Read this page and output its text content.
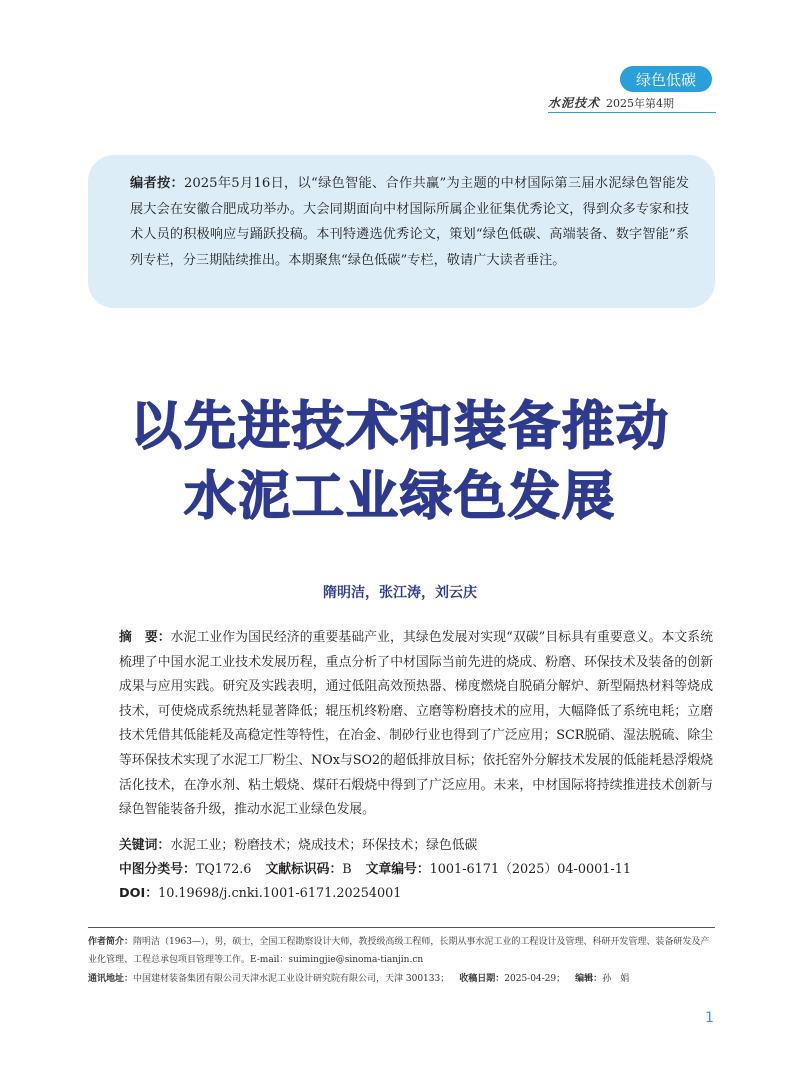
绿色低碳
水泥技术 2025年第4期
编者按：2025年5月16日，以“绿色智能、合作共赢”为主题的中材国际第三届水泥绿色智能发展大会在安徽合肥成功举办。大会同期面向中材国际所属企业征集优秀论文，得到众多专家和技术人员的积极响应与踊跃投稿。本刊特遴选优秀论文，策划“绿色低碳、高端装备、数字智能”系列专栏，分三期陆续推出。本期聚焦“绿色低碳”专栏，敬请广大读者垂注。
以先进技术和装备推动
水泥工业绿色发展
隋明洁，张江涛，刘云庆
摘　要：水泥工业作为国民经济的重要基础产业，其绿色发展对实现“双碳”目标具有重要意义。本文系统梳理了中国水泥工业技术发展历程，重点分析了中材国际当前先进的烧成、粉磨、环保技术及装备的创新成果与应用实践。研究及实践表明，通过低阻高效预热器、梯度燃烧自脱硝分解炉、新型隔热材料等烧成技术，可使烧成系统热耗显著降低；辊压机终粉磨、立磨等粉磨技术的应用，大幅降低了系统电耗；立磨技术凭借其低能耗及高稳定性等特性，在冶金、制砂行业也得到了广泛应用；SCR脱硝、湿法脱硫、除尘等环保技术实现了水泥工厂粉尘、NOx与SO2的超低排放目标；依托窑外分解技术发展的低能耗悬浮煅烧活化技术，在净水剂、粘土煅烧、煤矸石煅烧中得到了广泛应用。未来，中材国际将持续推进技术创新与绿色智能装备升级，推动水泥工业绿色发展。
关键词：水泥工业；粉磨技术；烧成技术；环保技术；绿色低碳
中图分类号：TQ172.6 文献标识码：B 文章编号：1001-6171（2025）04-0001-11
DOI：10.19698/j.cnki.1001-6171.20254001
作者简介：隋明洁（1963—），男，硕士，全国工程勘察设计大师，教授级高级工程师，长期从事水泥工业的工程设计及管理、科研开发管理、装备研发及产业化管理、工程总承包项目管理等工作。E-mail：suimingjie@sinoma-tianjin.cn
通讯地址：中国建材装备集团有限公司天津水泥工业设计研究院有限公司，天津 300133； 收稿日期：2025-04-29； 编辑：孙　娟
1
